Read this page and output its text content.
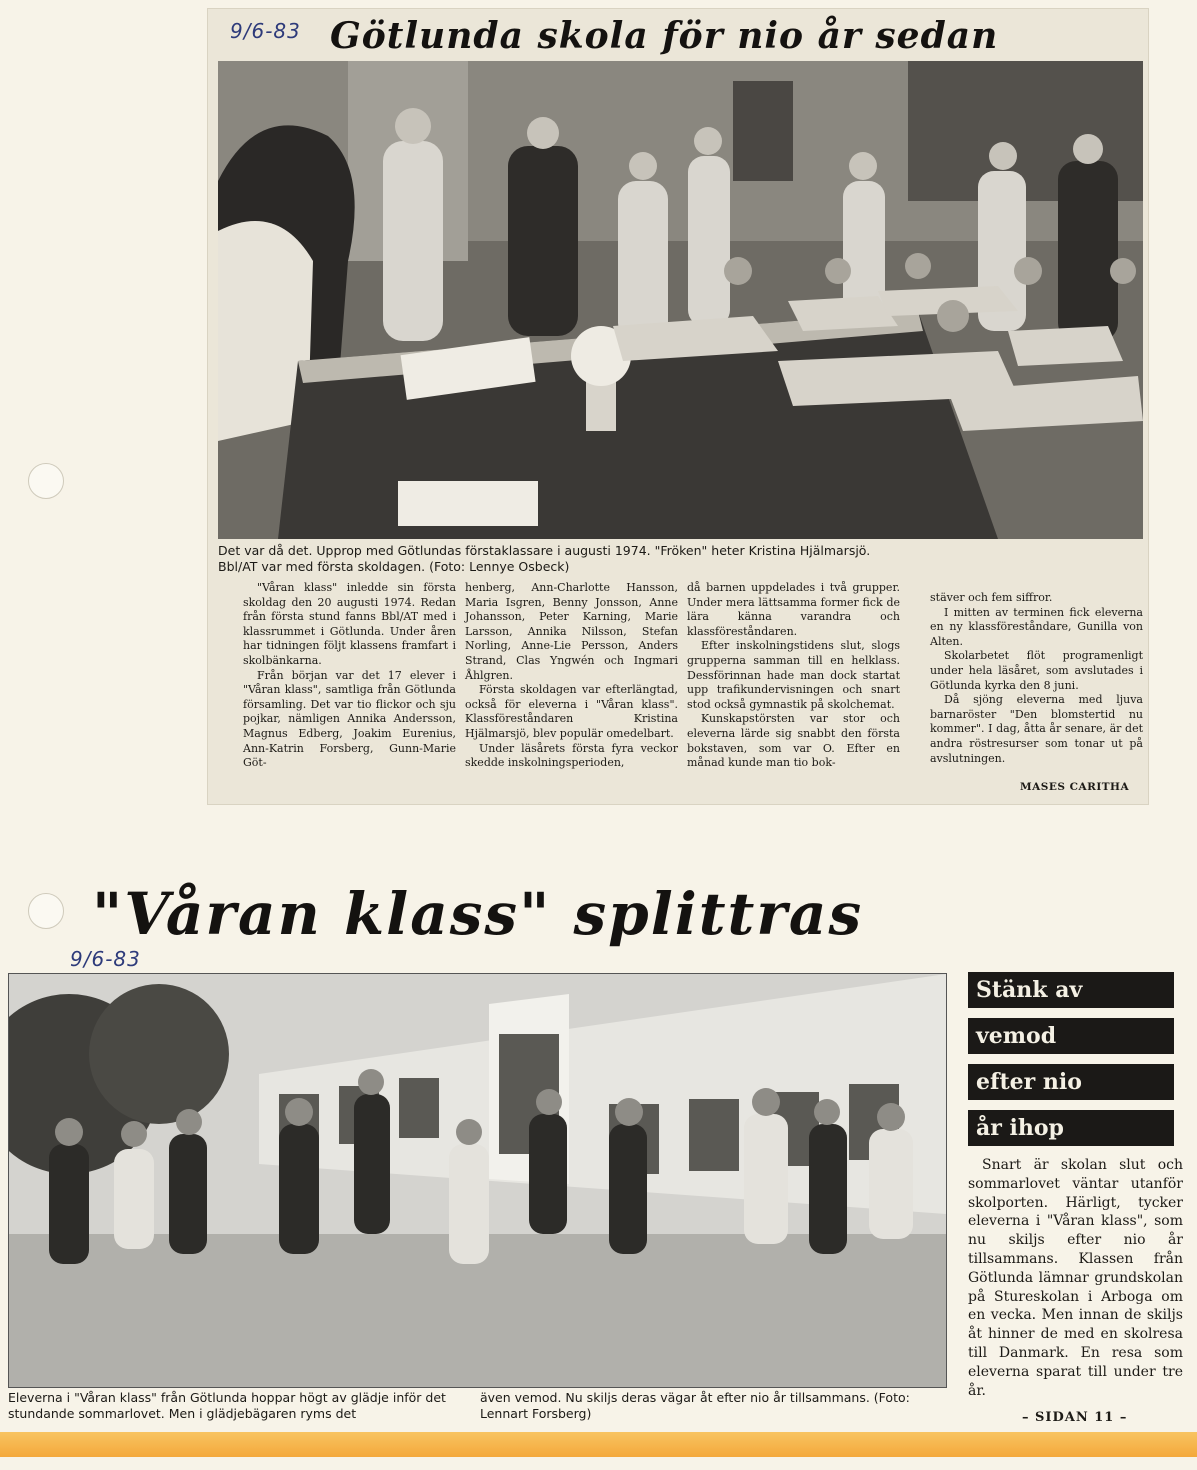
9/6-83 Götlunda skola för nio år sedan
Det var då det. Upprop med Götlundas förstaklassare i augusti 1974. "Fröken" heter Kristina Hjälmarsjö. Bbl/AT var med första skoldagen. (Foto: Lennye Osbeck)

"Våran klass" inledde sin första skoldag den 20 augusti 1974. Redan från första stund fanns Bbl/AT med i klassrummet i Götlunda. Under åren har tidningen följt klassens framfart i skolbänkarna.

Från början var det 17 elever i "Våran klass", samtliga från Götlunda församling. Det var tio flickor och sju pojkar, nämligen Annika Andersson, Magnus Edberg, Joakim Eurenius, Ann-Katrin Forsberg, Gunn-Marie Göt-

henberg, Ann-Charlotte Hansson, Maria Isgren, Benny Jonsson, Anne Johansson, Peter Karning, Marie Larsson, Annika Nilsson, Stefan Norling, Anne-Lie Persson, Anders Strand, Clas Yngwén och Ingmari Åhlgren.

Första skoldagen var efterlängtad, också för eleverna i "Våran klass". Klassföreståndaren Kristina Hjälmarsjö, blev populär omedelbart.

Under läsårets första fyra veckor skedde inskolningsperioden,

då barnen uppdelades i två grupper. Under mera lättsamma former fick de lära känna varandra och klassföreståndaren.

Efter inskolningstidens slut, slogs grupperna samman till en helklass. Dessförinnan hade man dock startat upp trafikundervisningen och snart stod också gymnastik på skolchemat.

Kunskapstörsten var stor och eleverna lärde sig snabbt den första bokstaven, som var O. Efter en månad kunde man tio bok-

stäver och fem siffror.

I mitten av terminen fick eleverna en ny klassföreståndare, Gunilla von Alten.

Skolarbetet flöt programenligt under hela läsåret, som avslutades i Götlunda kyrka den 8 juni.

Då sjöng eleverna med ljuva barnaröster "Den blomstertid nu kommer". I dag, åtta år senare, är det andra röstresurser som tonar ut på avslutningen.

MASES CARITHA
"Våran klass" splittras
9/6-83
Eleverna i "Våran klass" från Götlunda hoppar högt av glädje inför det stundande sommarlovet. Men i glädjebägaren ryms det
även vemod. Nu skiljs deras vägar åt efter nio år tillsammans. (Foto: Lennart Forsberg)
Stänk av
vemod
efter nio
år ihop

Snart är skolan slut och sommarlovet väntar utanför skolporten. Härligt, tycker eleverna i "Våran klass", som nu skiljs efter nio år tillsammans. Klassen från Götlunda lämnar grundskolan på Stureskolan i Arboga om en vecka. Men innan de skiljs åt hinner de med en skolresa till Danmark. En resa som eleverna sparat till under tre år.

– SIDAN 11 –
